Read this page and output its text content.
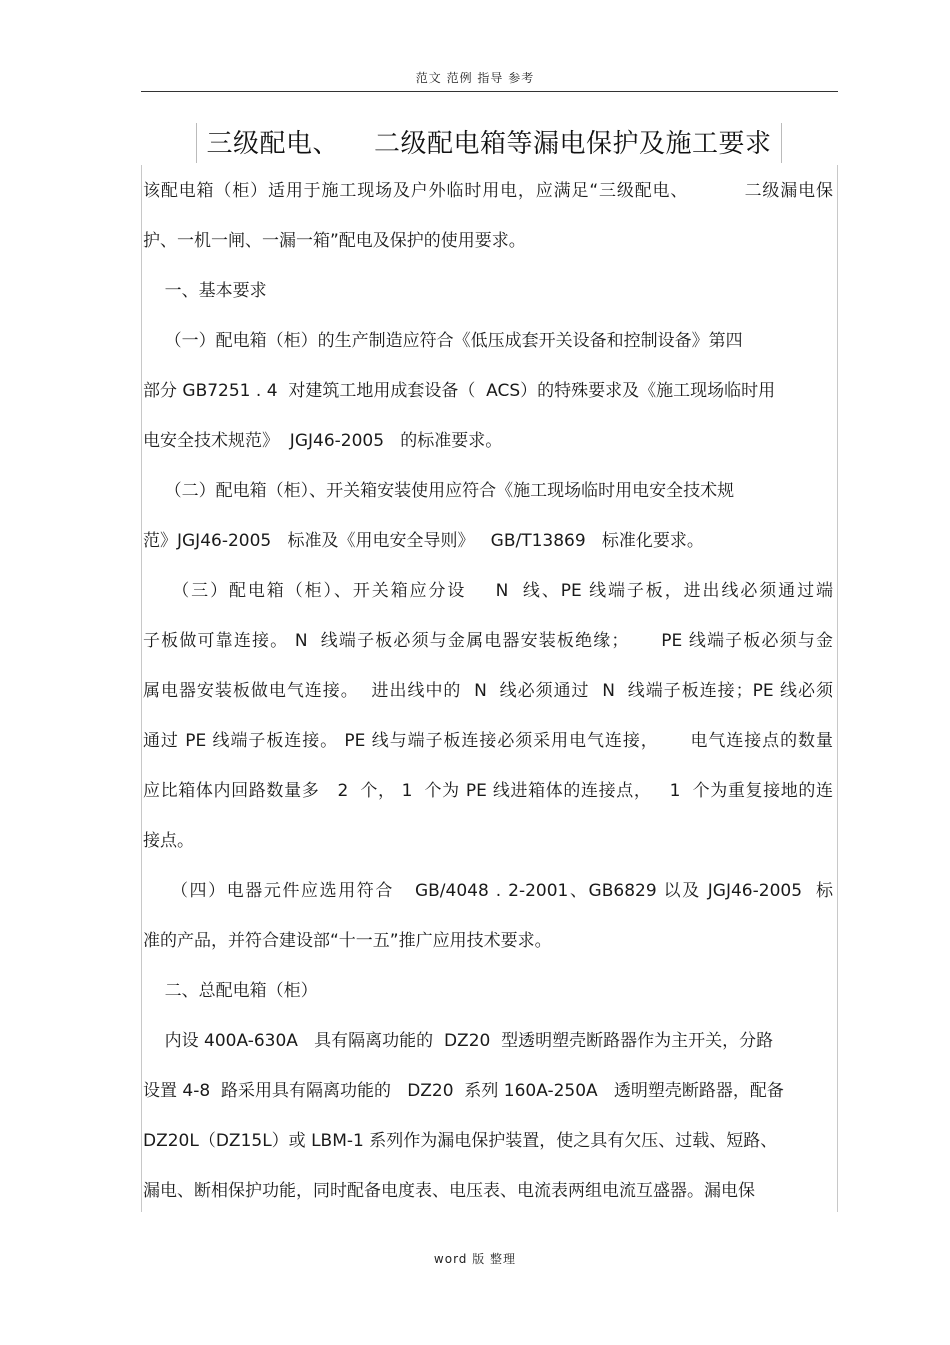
范文 范例 指导 参考
三级配电、    二级配电箱等漏电保护及施工要求
该配电箱（柜）适用于施工现场及户外临时用电，应满足“三级配电、         二级漏电保
护、一机一闸、一漏一箱”配电及保护的使用要求。
一、基本要求
（一）配电箱（柜）的生产制造应符合《低压成套开关设备和控制设备》第四
部分 GB7251 . 4  对建筑工地用成套设备（  ACS）的特殊要求及《施工现场临时用
电安全技术规范》  JGJ46-2005   的标准要求。
（二）配电箱（柜）、开关箱安装使用应符合《施工现场临时用电安全技术规
范》JGJ46-2005   标准及《用电安全导则》   GB/T13869   标准化要求。
（三）配电箱（柜）、开关箱应分设    N  线、PE 线端子板，进出线必须通过端
子板做可靠连接。 N  线端子板必须与金属电器安装板绝缘；     PE 线端子板必须与金
属电器安装板做电气连接。  进出线中的  N  线必须通过  N  线端子板连接；PE 线必须
通过 PE 线端子板连接。 PE 线与端子板连接必须采用电气连接，     电气连接点的数量
应比箱体内回路数量多   2  个， 1  个为 PE 线进箱体的连接点，   1  个为重复接地的连
接点。
（四）电器元件应选用符合   GB/4048 . 2-2001、GB6829 以及 JGJ46-2005  标
准的产品，并符合建设部“十一五”推广应用技术要求。
二、总配电箱（柜）
内设 400A-630A   具有隔离功能的  DZ20  型透明塑壳断路器作为主开关，分路
设置 4-8  路采用具有隔离功能的   DZ20  系列 160A-250A   透明塑壳断路器，配备
DZ20L（DZ15L）或 LBM-1 系列作为漏电保护装置，使之具有欠压、过载、短路、
漏电、断相保护功能，同时配备电度表、电压表、电流表两组电流互盛器。漏电保
word 版 整理
